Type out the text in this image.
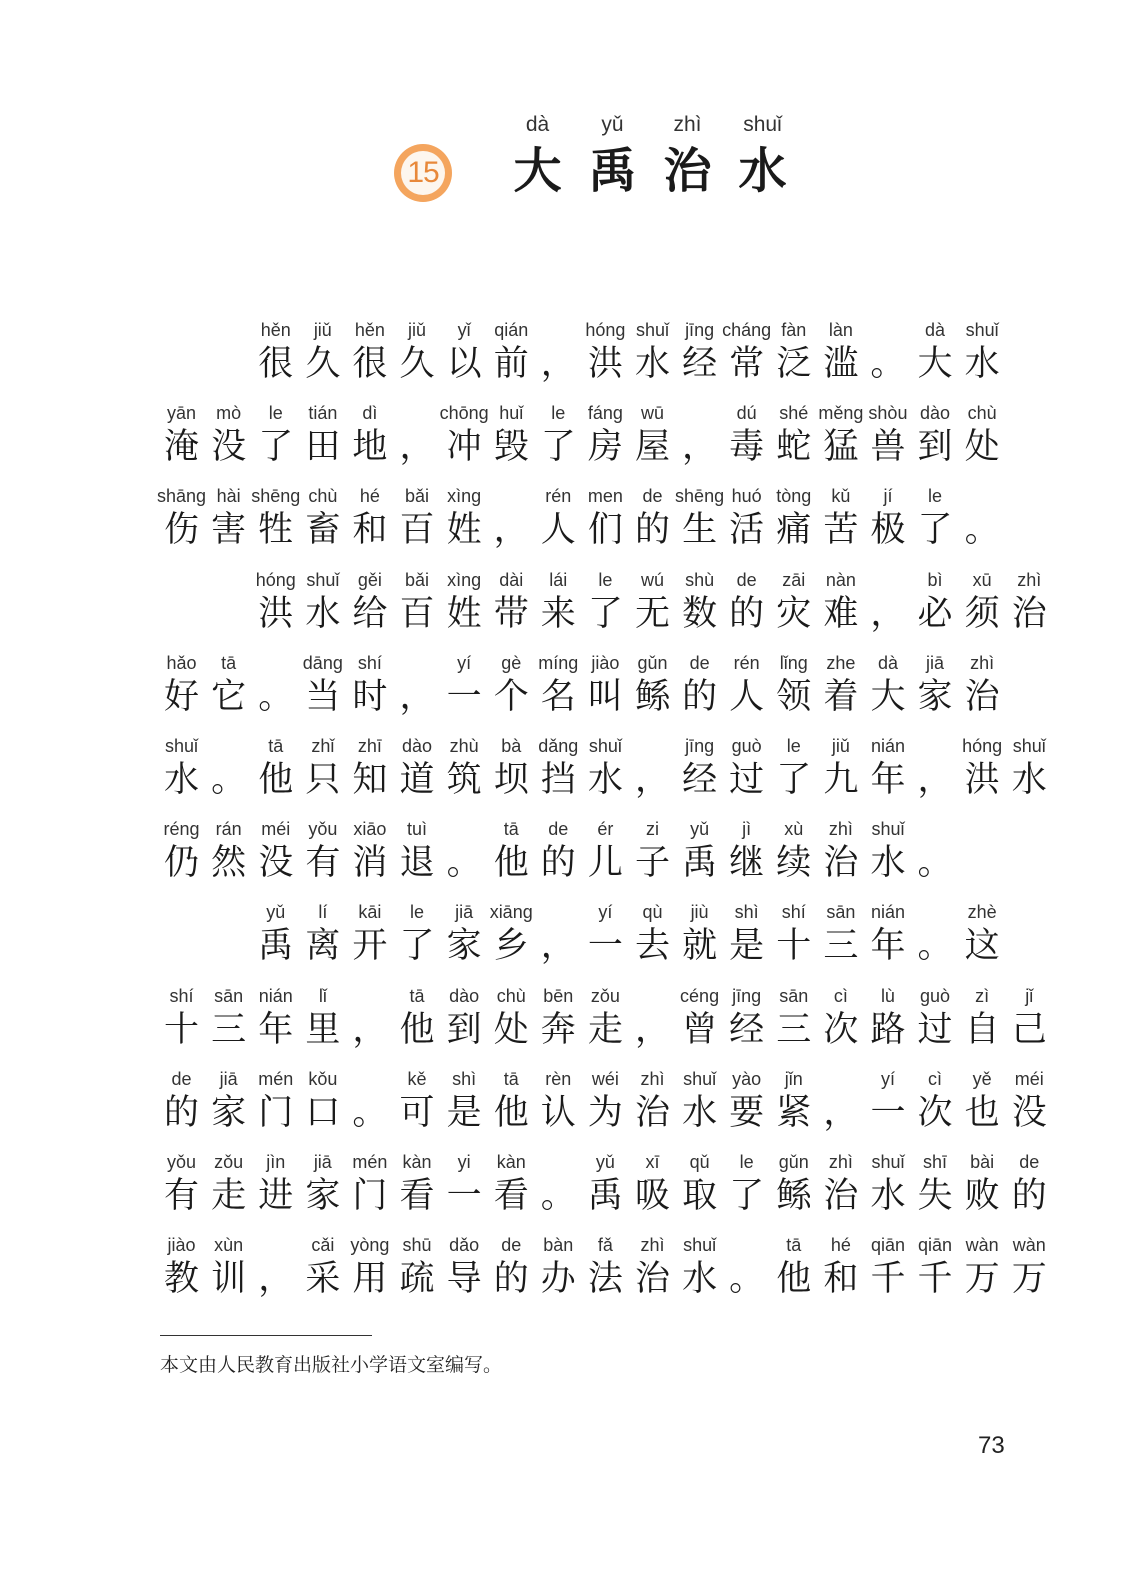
15
dà
大
yǔ
禹
zhì
治
shuǐ
水
hěn
很
jiǔ
久
hěn
很
jiǔ
久
yǐ
以
qián
前 ，
hóng
洪
shuǐ
水
jīng
经
cháng
常
fàn
泛
làn
滥 。
dà
大
shuǐ
水
yān
淹
mò
没
le
了
tián
田
dì
地 ，
chōng
冲
huǐ
毁
le
了
fáng
房
wū
屋 ，
dú
毒
shé
蛇
měng
猛
shòu
兽
dào
到
chù
处
shāng
伤
hài
害
shēng
牲
chù
畜
hé
和
bǎi
百
xìng
姓 ，
rén
人
men
们
de
的
shēng
生
huó
活
tòng
痛
kǔ
苦
jí
极
le
了 。
hóng
洪
shuǐ
水
gěi
给
bǎi
百
xìng
姓
dài
带
lái
来
le
了
wú
无
shù
数
de
的
zāi
灾
nàn
难 ，
bì
必
xū
须
zhì
治
hǎo
好
tā
它 。
dāng
当
shí
时 ，
yí
一
gè
个
míng
名
jiào
叫
gǔn
鲧
de
的
rén
人
lǐng
领
zhe
着
dà
大
jiā
家
zhì
治
shuǐ
水 。
tā
他
zhǐ
只
zhī
知
dào
道
zhù
筑
bà
坝
dǎng
挡
shuǐ
水 ，
jīng
经
guò
过
le
了
jiǔ
九
nián
年 ，
hóng
洪
shuǐ
水
réng
仍
rán
然
méi
没
yǒu
有
xiāo
消
tuì
退 。
tā
他
de
的
ér
儿
zi
子
yǔ
禹
jì
继
xù
续
zhì
治
shuǐ
水 。
yǔ
禹
lí
离
kāi
开
le
了
jiā
家
xiāng
乡 ，
yí
一
qù
去
jiù
就
shì
是
shí
十
sān
三
nián
年 。
zhè
这
shí
十
sān
三
nián
年
lǐ
里 ，
tā
他
dào
到
chù
处
bēn
奔
zǒu
走 ，
céng
曾
jīng
经
sān
三
cì
次
lù
路
guò
过
zì
自
jǐ
己
de
的
jiā
家
mén
门
kǒu
口 。
kě
可
shì
是
tā
他
rèn
认
wéi
为
zhì
治
shuǐ
水
yào
要
jǐn
紧 ，
yí
一
cì
次
yě
也
méi
没
yǒu
有
zǒu
走
jìn
进
jiā
家
mén
门
kàn
看
yi
一
kàn
看 。
yǔ
禹
xī
吸
qǔ
取
le
了
gǔn
鲧
zhì
治
shuǐ
水
shī
失
bài
败
de
的
jiào
教
xùn
训 ，
cǎi
采
yòng
用
shū
疏
dǎo
导
de
的
bàn
办
fǎ
法
zhì
治
shuǐ
水 。
tā
他
hé
和
qiān
千
qiān
千
wàn
万
wàn
万
本文由人民教育出版社小学语文室编写。
73
